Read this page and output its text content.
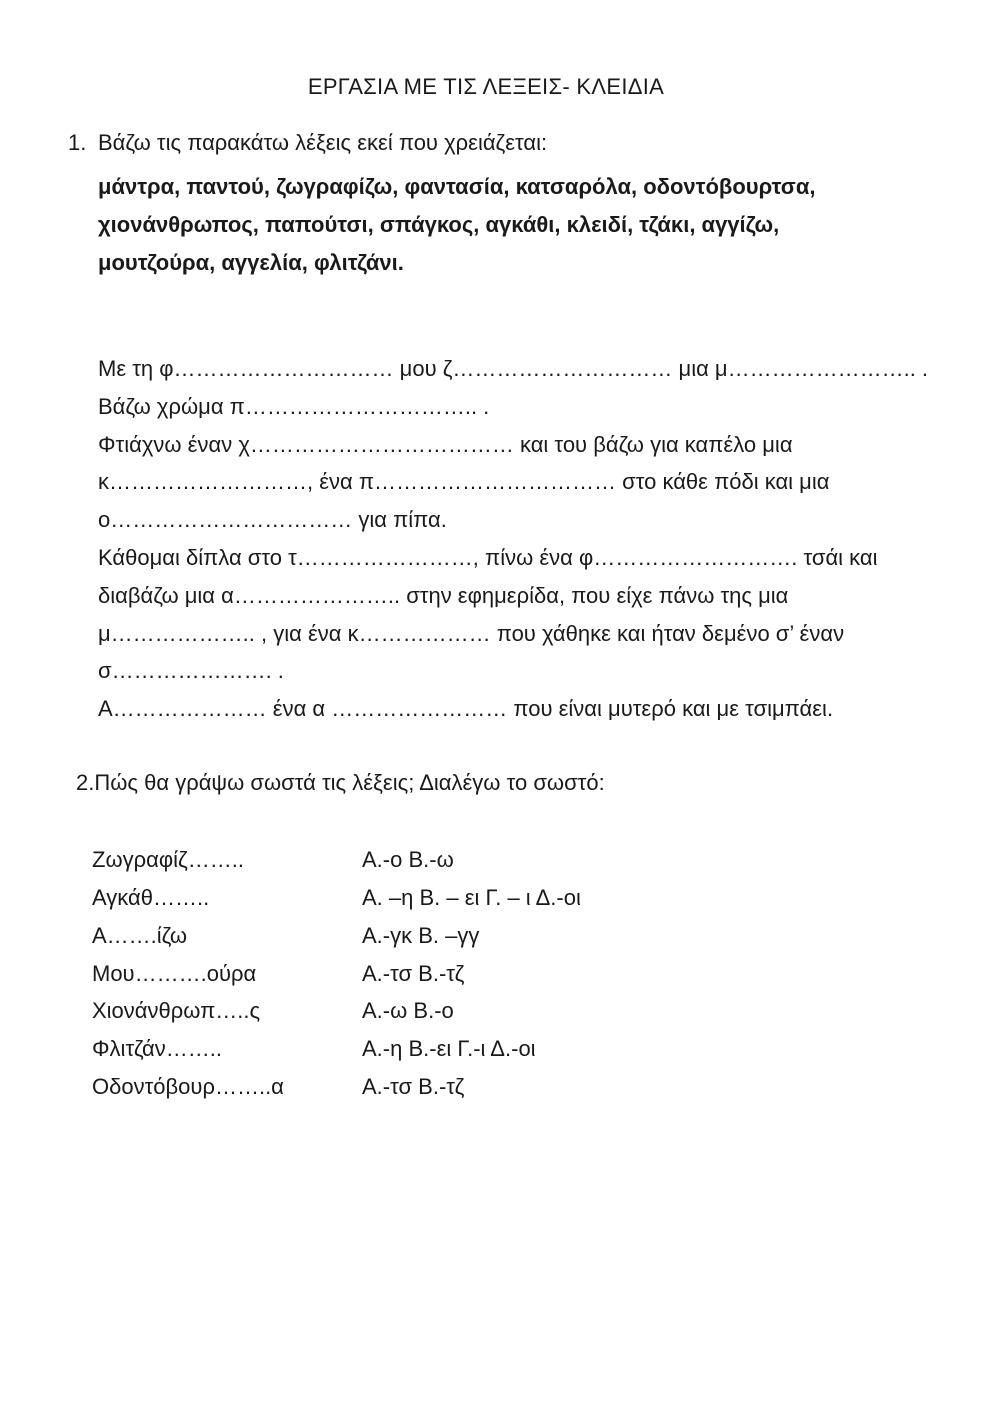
ΕΡΓΑΣΙΑ ΜΕ ΤΙΣ ΛΕΞΕΙΣ- ΚΛΕΙΔΙΑ
1. Βάζω τις παρακάτω λέξεις εκεί που χρειάζεται:
μάντρα, παντού, ζωγραφίζω, φαντασία, κατσαρόλα, οδοντόβουρτσα,
χιονάνθρωπος, παπούτσι, σπάγκος, αγκάθι, κλειδί, τζάκι, αγγίζω,
μουτζούρα, αγγελία, φλιτζάνι.
Με τη φ………………………… μου ζ………………………… μια μ…………………….. .
Βάζω χρώμα π………………………….. .
Φτιάχνω έναν χ……………………………… και του βάζω για καπέλο μια
κ………………………, ένα π…………………………… στο κάθε πόδι και μια
ο…………………………… για πίπα.
Κάθομαι δίπλα στο τ……………………, πίνω ένα φ………………………. τσάι και
διαβάζω μια α………………….. στην εφημερίδα, που είχε πάνω της μια
μ……………….. , για ένα κ……………… που χάθηκε και ήταν δεμένο σ’ έναν
σ…………………. .
Α………………… ένα α …………………… που είναι μυτερό και με τσιμπάει.
2.Πώς θα γράψω σωστά τις λέξεις; Διαλέγω το σωστό:
Ζωγραφίζ……..	Α.-ο Β.-ω
Αγκάθ……..	Α. –η Β. – ει Γ. – ι Δ.-οι
Α…….ίζω	Α.-γκ Β. –γγ
Μου……….ούρα	Α.-τσ Β.-τζ
Χιονάνθρωπ…..ς	Α.-ω Β.-ο
Φλιτζάν……..	Α.-η Β.-ει Γ.-ι Δ.-οι
Οδοντόβουρ……..α	Α.-τσ Β.-τζ
